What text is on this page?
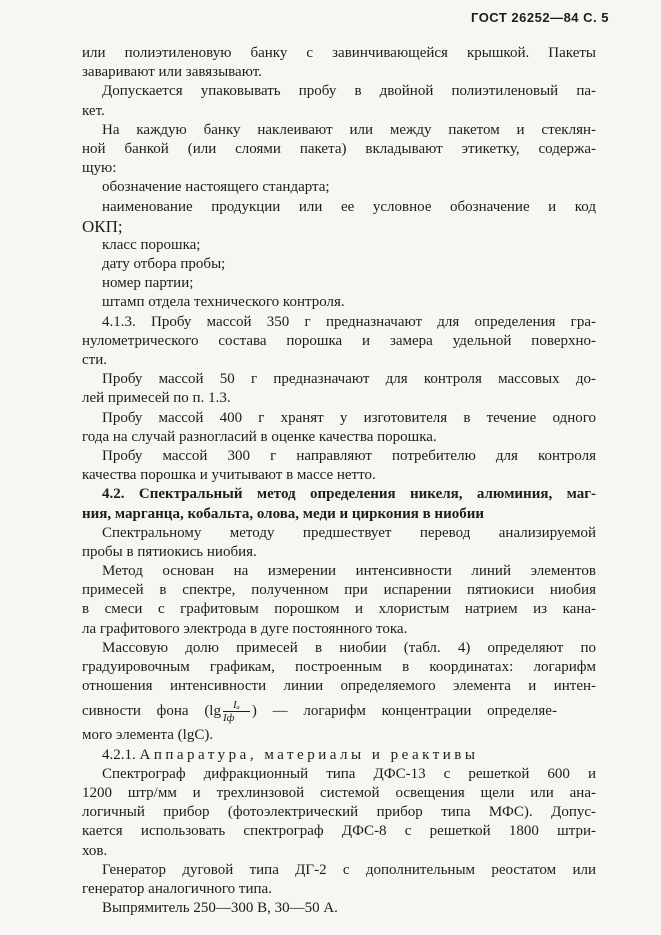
ГОСТ 26252—84 С. 5
или полиэтиленовую банку с завинчивающейся крышкой. Пакеты
заваривают или завязывают.
Допускается упаковывать пробу в двойной полиэтиленовый па-
кет.
На каждую банку наклеивают или между пакетом и стеклян-
ной банкой (или слоями пакета) вкладывают этикетку, содержа-
щую:
обозначение настоящего стандарта;
наименование продукции или ее условное обозначение и код
ОКП;
класс порошка;
дату отбора пробы;
номер партии;
штамп отдела технического контроля.
4.1.3. Пробу массой 350 г предназначают для определения гра-
нулометрического состава порошка и замера удельной поверхно-
сти.
Пробу массой 50 г предназначают для контроля массовых до-
лей примесей по п. 1.3.
Пробу массой 400 г хранят у изготовителя в течение одного
года на случай разногласий в оценке качества порошка.
Пробу массой 300 г направляют потребителю для контроля
качества порошка и учитывают в массе нетто.
4.2. Спектральный метод определения никеля, алюминия, маг-
ния, марганца, кобальта, олова, меди и циркония в ниобии
Спектральному методу предшествует перевод анализируемой
пробы в пятиокись ниобия.
Метод основан на измерении интенсивности линий элементов
примесей в спектре, полученном при испарении пятиокиси ниобия
в смеси с графитовым порошком и хлористым натрием из кана-
ла графитового электрода в дуге постоянного тока.
Массовую долю примесей в ниобии (табл. 4) определяют по
градуировочным графикам, построенным в координатах: логарифм
отношения интенсивности линии определяемого элемента и интен-
сивности фона ($\lg \frac{\text{Iₐ}}{Iф}$ ) — логарифм концентрации определяе-
мого элемента (lgC).
4.2.1. Аппаратура, материалы и реактивы
Спектрограф дифракционный типа ДФС-13 с решеткой 600 и
1200 штр/мм и трехлинзовой системой освещения щели или ана-
логичный прибор (фотоэлектрический прибор типа МФС). Допус-
кается использовать спектрограф ДФС-8 с решеткой 1800 штри-
хов.
Генератор дуговой типа ДГ-2 с дополнительным реостатом или
генератор аналогичного типа.
Выпрямитель 250—300 В, 30—50 А.
